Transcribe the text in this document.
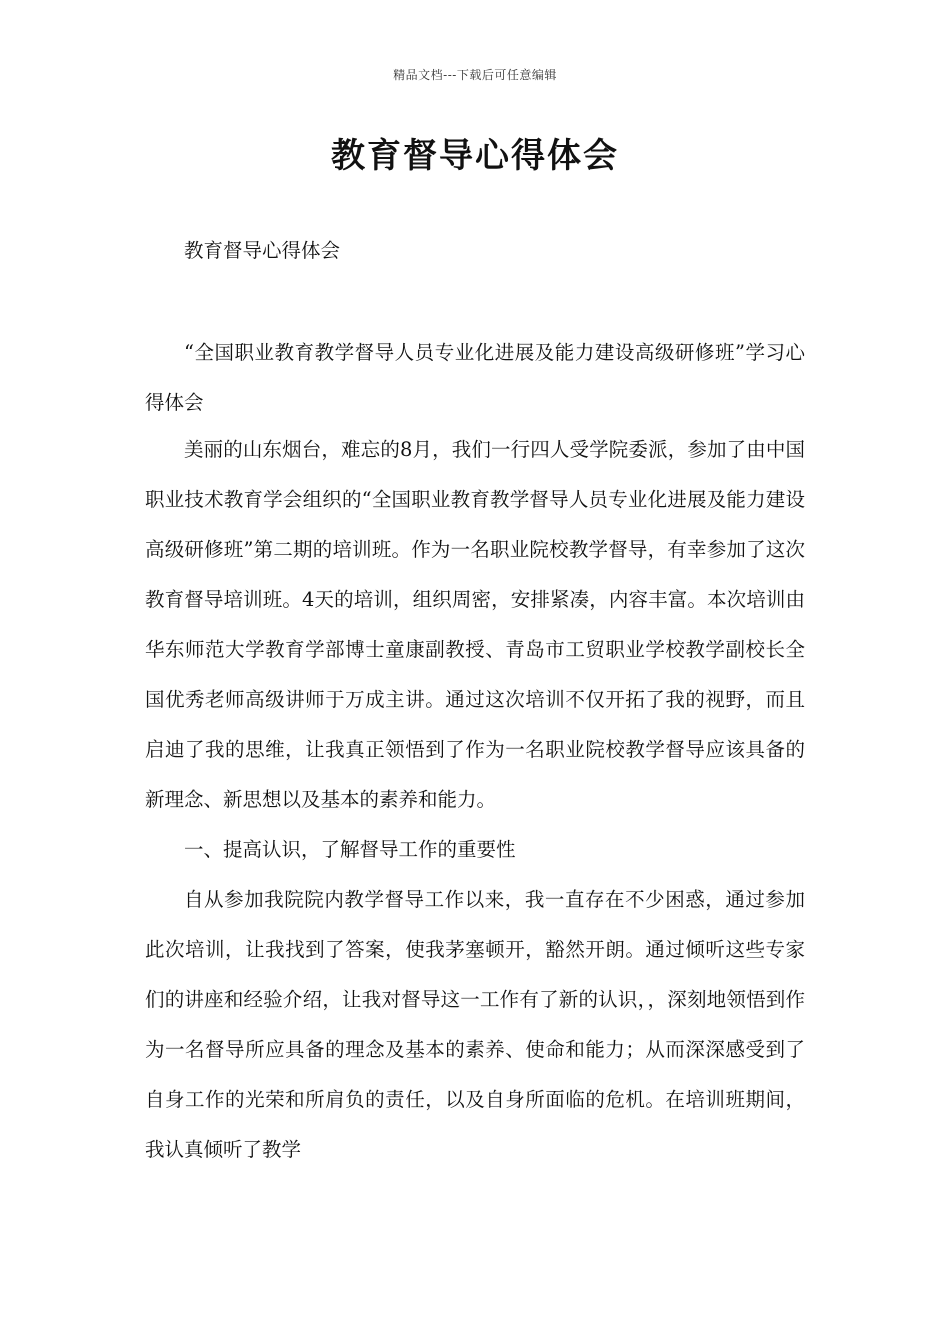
精品文档---下载后可任意编辑
教育督导心得体会

教育督导心得体会

“全国职业教育教学督导人员专业化进展及能力建设高级研修班”学习心得体会

美丽的山东烟台，难忘的8月，我们一行四人受学院委派，参加了由中国职业技术教育学会组织的“全国职业教育教学督导人员专业化进展及能力建设高级研修班”第二期的培训班。作为一名职业院校教学督导，有幸参加了这次教育督导培训班。4天的培训，组织周密，安排紧凑，内容丰富。本次培训由华东师范大学教育学部博士童康副教授、青岛市工贸职业学校教学副校长全国优秀老师高级讲师于万成主讲。通过这次培训不仅开拓了我的视野，而且启迪了我的思维，让我真正领悟到了作为一名职业院校教学督导应该具备的新理念、新思想以及基本的素养和能力。

一、提高认识，了解督导工作的重要性

自从参加我院院内教学督导工作以来，我一直存在不少困惑，通过参加此次培训，让我找到了答案，使我茅塞顿开，豁然开朗。通过倾听这些专家们的讲座和经验介绍，让我对督导这一工作有了新的认识，，深刻地领悟到作为一名督导所应具备的理念及基本的素养、使命和能力；从而深深感受到了自身工作的光荣和所肩负的责任，以及自身所面临的危机。在培训班期间，我认真倾听了教学
